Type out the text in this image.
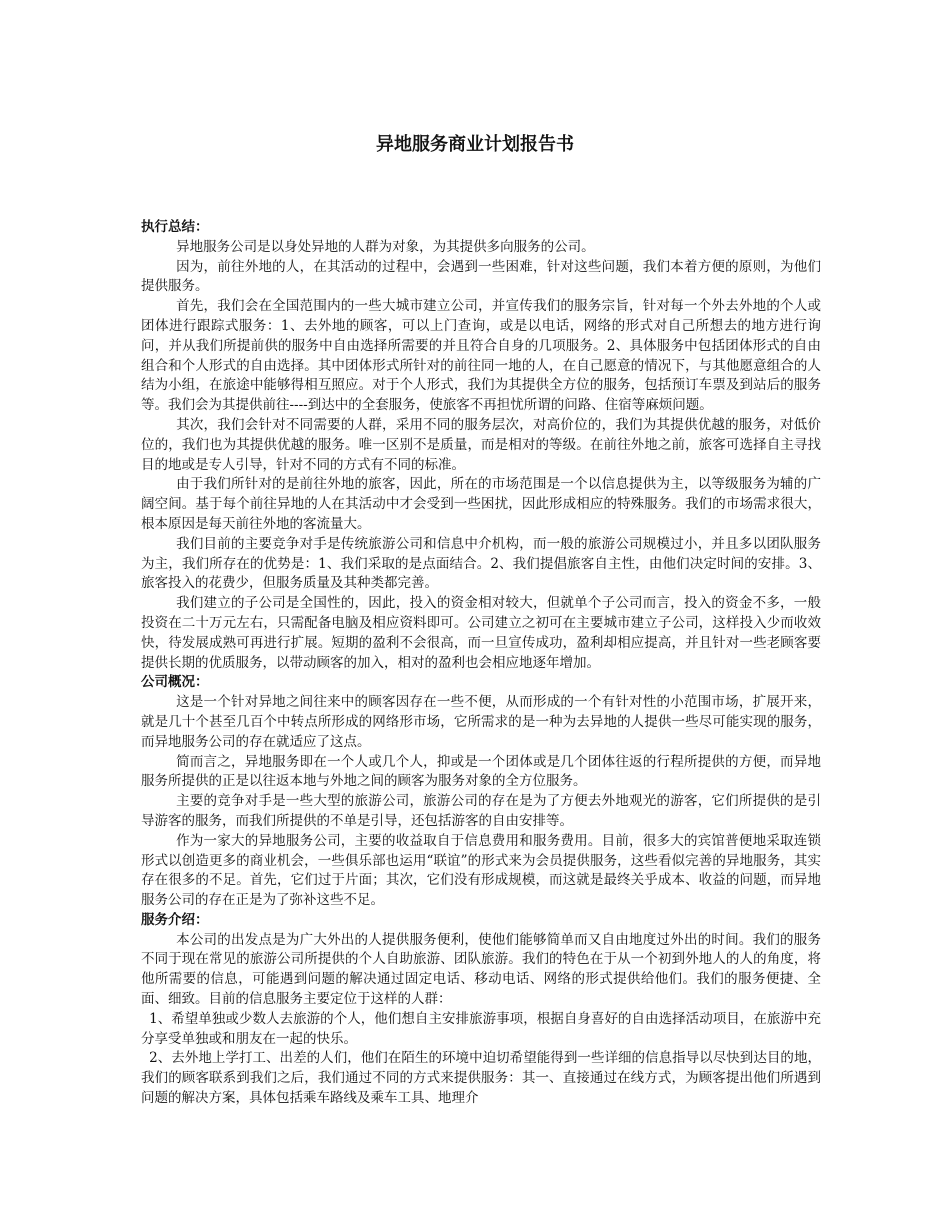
异地服务商业计划报告书

执行总结：

异地服务公司是以身处异地的人群为对象，为其提供多向服务的公司。

因为，前往外地的人，在其活动的过程中，会遇到一些困难，针对这些问题，我们本着方便的原则，为他们提供服务。

首先，我们会在全国范围内的一些大城市建立公司，并宣传我们的服务宗旨，针对每一个外去外地的个人或团体进行跟踪式服务：1、去外地的顾客，可以上门查询，或是以电话，网络的形式对自己所想去的地方进行询问，并从我们所提前供的服务中自由选择所需要的并且符合自身的几项服务。2、具体服务中包括团体形式的自由组合和个人形式的自由选择。其中团体形式所针对的前往同一地的人，在自己愿意的情况下，与其他愿意组合的人结为小组，在旅途中能够得相互照应。对于个人形式，我们为其提供全方位的服务，包括预订车票及到站后的服务等。我们会为其提供前往----到达中的全套服务，使旅客不再担忧所谓的问路、住宿等麻烦问题。

其次，我们会针对不同需要的人群，采用不同的服务层次，对高价位的，我们为其提供优越的服务，对低价位的，我们也为其提供优越的服务。唯一区别不是质量，而是相对的等级。在前往外地之前，旅客可选择自主寻找目的地或是专人引导，针对不同的方式有不同的标准。

由于我们所针对的是前往外地的旅客，因此，所在的市场范围是一个以信息提供为主，以等级服务为辅的广阔空间。基于每个前往异地的人在其活动中才会受到一些困扰，因此形成相应的特殊服务。我们的市场需求很大，根本原因是每天前往外地的客流量大。

我们目前的主要竞争对手是传统旅游公司和信息中介机构，而一般的旅游公司规模过小，并且多以团队服务为主，我们所存在的优势是：1、我们采取的是点面结合。2、我们提倡旅客自主性，由他们决定时间的安排。3、旅客投入的花费少，但服务质量及其种类都完善。

我们建立的子公司是全国性的，因此，投入的资金相对较大，但就单个子公司而言，投入的资金不多，一般投资在二十万元左右，只需配备电脑及相应资料即可。公司建立之初可在主要城市建立子公司，这样投入少而收效快，待发展成熟可再进行扩展。短期的盈利不会很高，而一旦宣传成功，盈利却相应提高，并且针对一些老顾客要提供长期的优质服务，以带动顾客的加入，相对的盈利也会相应地逐年增加。

公司概况：

这是一个针对异地之间往来中的顾客因存在一些不便，从而形成的一个有针对性的小范围市场，扩展开来，就是几十个甚至几百个中转点所形成的网络形市场，它所需求的是一种为去异地的人提供一些尽可能实现的服务，而异地服务公司的存在就适应了这点。

简而言之，异地服务即在一个人或几个人，抑或是一个团体或是几个团体往返的行程所提供的方便，而异地服务所提供的正是以往返本地与外地之间的顾客为服务对象的全方位服务。

主要的竞争对手是一些大型的旅游公司，旅游公司的存在是为了方便去外地观光的游客，它们所提供的是引导游客的服务，而我们所提供的不单是引导，还包括游客的自由安排等。

作为一家大的异地服务公司，主要的收益取自于信息费用和服务费用。目前，很多大的宾馆普便地采取连锁形式以创造更多的商业机会，一些俱乐部也运用“联谊”的形式来为会员提供服务，这些看似完善的异地服务，其实存在很多的不足。首先，它们过于片面；其次，它们没有形成规模，而这就是最终关乎成本、收益的问题，而异地服务公司的存在正是为了弥补这些不足。

服务介绍：

本公司的出发点是为广大外出的人提供服务便利，使他们能够简单而又自由地度过外出的时间。我们的服务不同于现在常见的旅游公司所提供的个人自助旅游、团队旅游。我们的特色在于从一个初到外地人的人的角度，将他所需要的信息，可能遇到问题的解决通过固定电话、移动电话、网络的形式提供给他们。我们的服务便捷、全面、细致。目前的信息服务主要定位于这样的人群：

1、希望单独或少数人去旅游的个人，他们想自主安排旅游事项，根据自身喜好的自由选择活动项目，在旅游中充分享受单独或和朋友在一起的快乐。

2、去外地上学打工、出差的人们，他们在陌生的环境中迫切希望能得到一些详细的信息指导以尽快到达目的地，我们的顾客联系到我们之后，我们通过不同的方式来提供服务：其一、直接通过在线方式，为顾客提出他们所遇到问题的解决方案，具体包括乘车路线及乘车工具、地理介
